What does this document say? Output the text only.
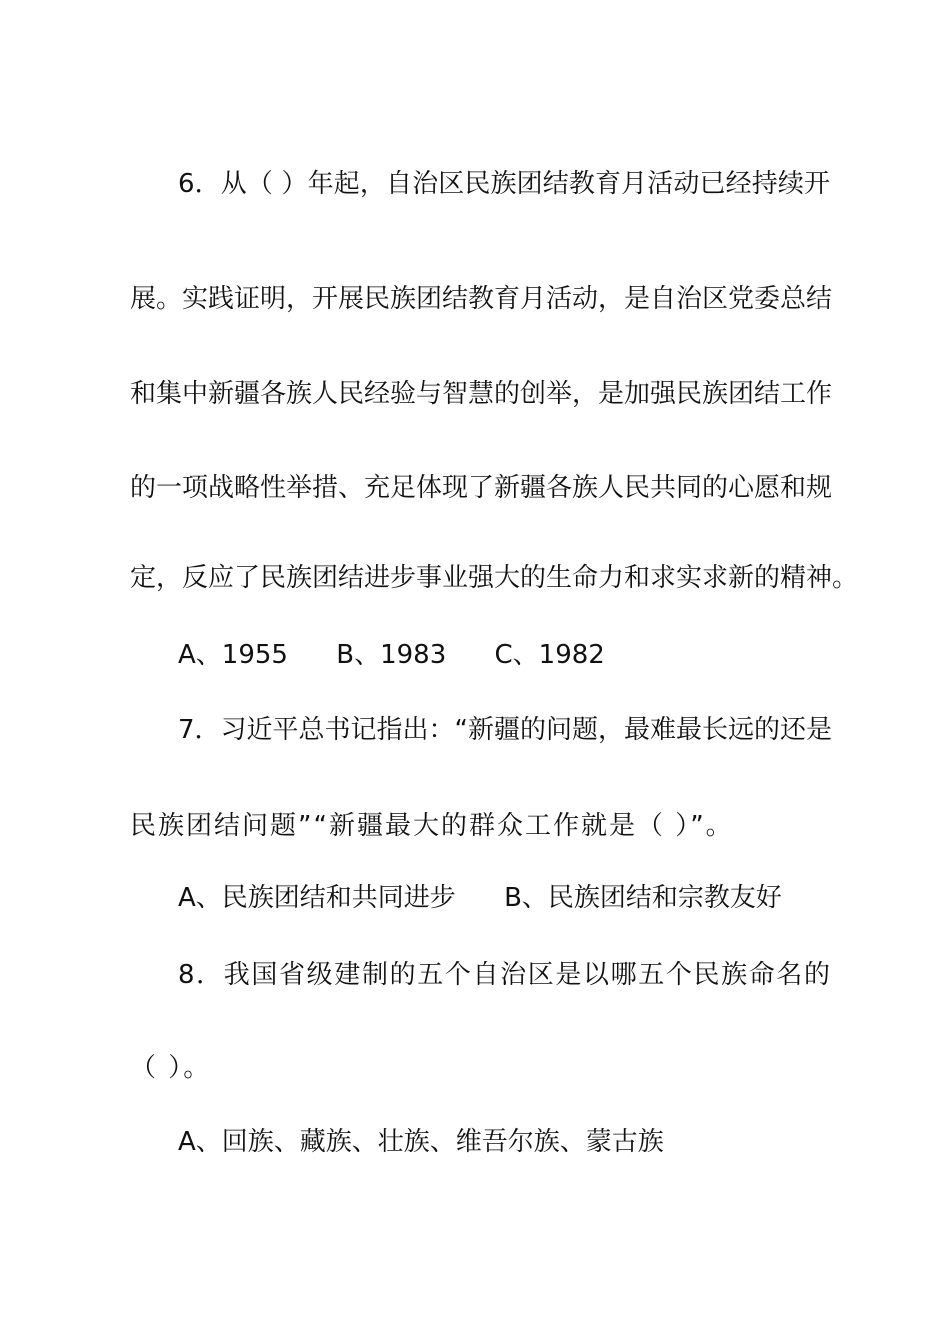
6．从（ ）年起，自治区民族团结教育月活动已经持续开
展。实践证明，开展民族团结教育月活动，是自治区党委总结
和集中新疆各族人民经验与智慧的创举，是加强民族团结工作
的一项战略性举措、充足体现了新疆各族人民共同的心愿和规
定，反应了民族团结进步事业强大的生命力和求实求新的精神。
A、1955 B、1983 C、1982
7．习近平总书记指出：“新疆的问题，最难最长远的还是
民族团结问题”“新疆最大的群众工作就是（ ）”。
A、民族团结和共同进步 B、民族团结和宗教友好
8．我国省级建制的五个自治区是以哪五个民族命名的
（ ）。
A、回族、藏族、壮族、维吾尔族、蒙古族
